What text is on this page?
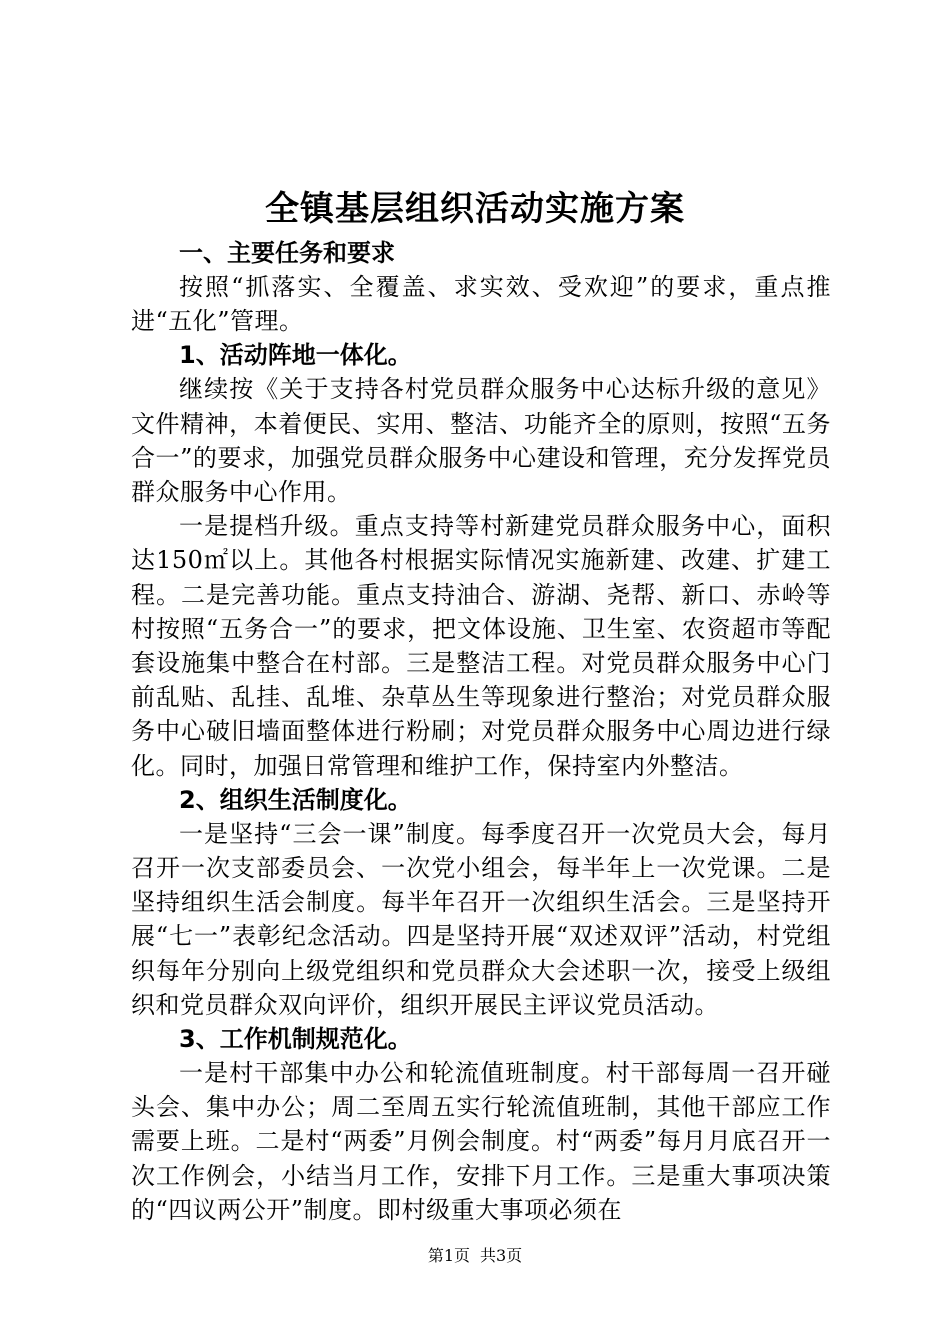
全镇基层组织活动实施方案

一、主要任务和要求

按照“抓落实、全覆盖、求实效、受欢迎”的要求，重点推进“五化”管理。

1、活动阵地一体化。

继续按《关于支持各村党员群众服务中心达标升级的意见》文件精神，本着便民、实用、整洁、功能齐全的原则，按照“五务合一”的要求，加强党员群众服务中心建设和管理，充分发挥党员群众服务中心作用。

一是提档升级。重点支持等村新建党员群众服务中心，面积达150㎡以上。其他各村根据实际情况实施新建、改建、扩建工程。二是完善功能。重点支持油合、游湖、尧帮、新口、赤岭等村按照“五务合一”的要求，把文体设施、卫生室、农资超市等配套设施集中整合在村部。三是整洁工程。对党员群众服务中心门前乱贴、乱挂、乱堆、杂草丛生等现象进行整治；对党员群众服务中心破旧墙面整体进行粉刷；对党员群众服务中心周边进行绿化。同时，加强日常管理和维护工作，保持室内外整洁。

2、组织生活制度化。

一是坚持“三会一课”制度。每季度召开一次党员大会，每月召开一次支部委员会、一次党小组会，每半年上一次党课。二是坚持组织生活会制度。每半年召开一次组织生活会。三是坚持开展“七一”表彰纪念活动。四是坚持开展“双述双评”活动，村党组织每年分别向上级党组织和党员群众大会述职一次，接受上级组织和党员群众双向评价，组织开展民主评议党员活动。

3、工作机制规范化。

一是村干部集中办公和轮流值班制度。村干部每周一召开碰头会、集中办公；周二至周五实行轮流值班制，其他干部应工作需要上班。二是村“两委”月例会制度。村“两委”每月月底召开一次工作例会，小结当月工作，安排下月工作。三是重大事项决策的“四议两公开”制度。即村级重大事项必须在

第1页 共3页
